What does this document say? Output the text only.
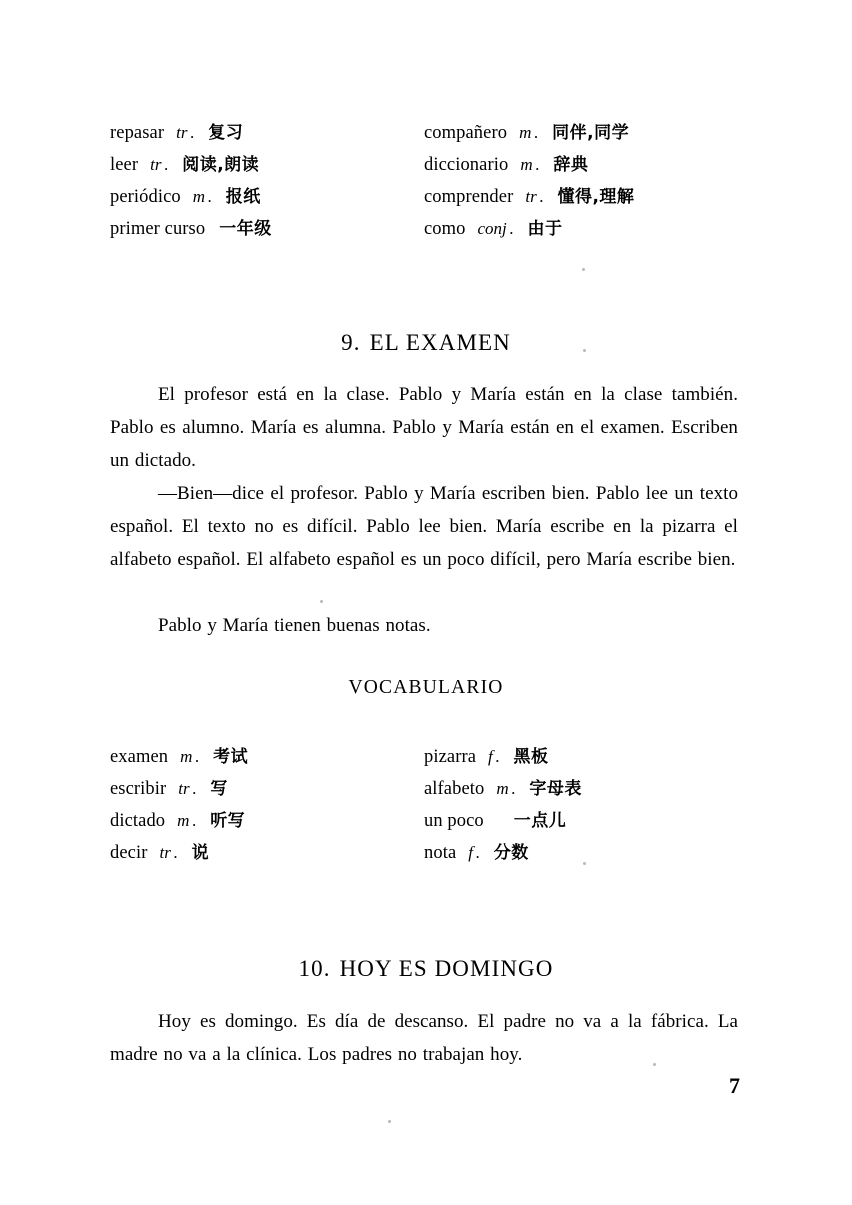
repasar tr .	复习	compañero m .	同伴,同学
leer tr .	阅读,朗读	diccionario m .	辞典
periódico m .	报纸	comprender tr .	懂得,理解
primer curso 一年级	como conj .	由于
9 . EL EXAMEN
El profesor está en la clase. Pablo y María están en la clase también. Pablo es alumno. María es alumna. Pablo y María están en el examen. Escriben un dictado.
—Bien—dice el profesor. Pablo y María escriben bien. Pablo lee un texto español. El texto no es difícil. Pablo lee bien. María escribe en la pizarra el alfabeto español. El alfabeto español es un poco difícil, pero María escribe bien.
Pablo y María tienen buenas notas.
VOCABULARIO
examen m .	考试	pizarra f .	黑板
escribir tr .	写	alfabeto m .	字母表
dictado m .	听写	un poco 一点儿
decir tr .	说	nota f .	分数
10 . HOY ES DOMINGO
Hoy es domingo. Es día de descanso. El padre no va a la fábrica. La madre no va a la clínica. Los padres no trabajan hoy.
7
